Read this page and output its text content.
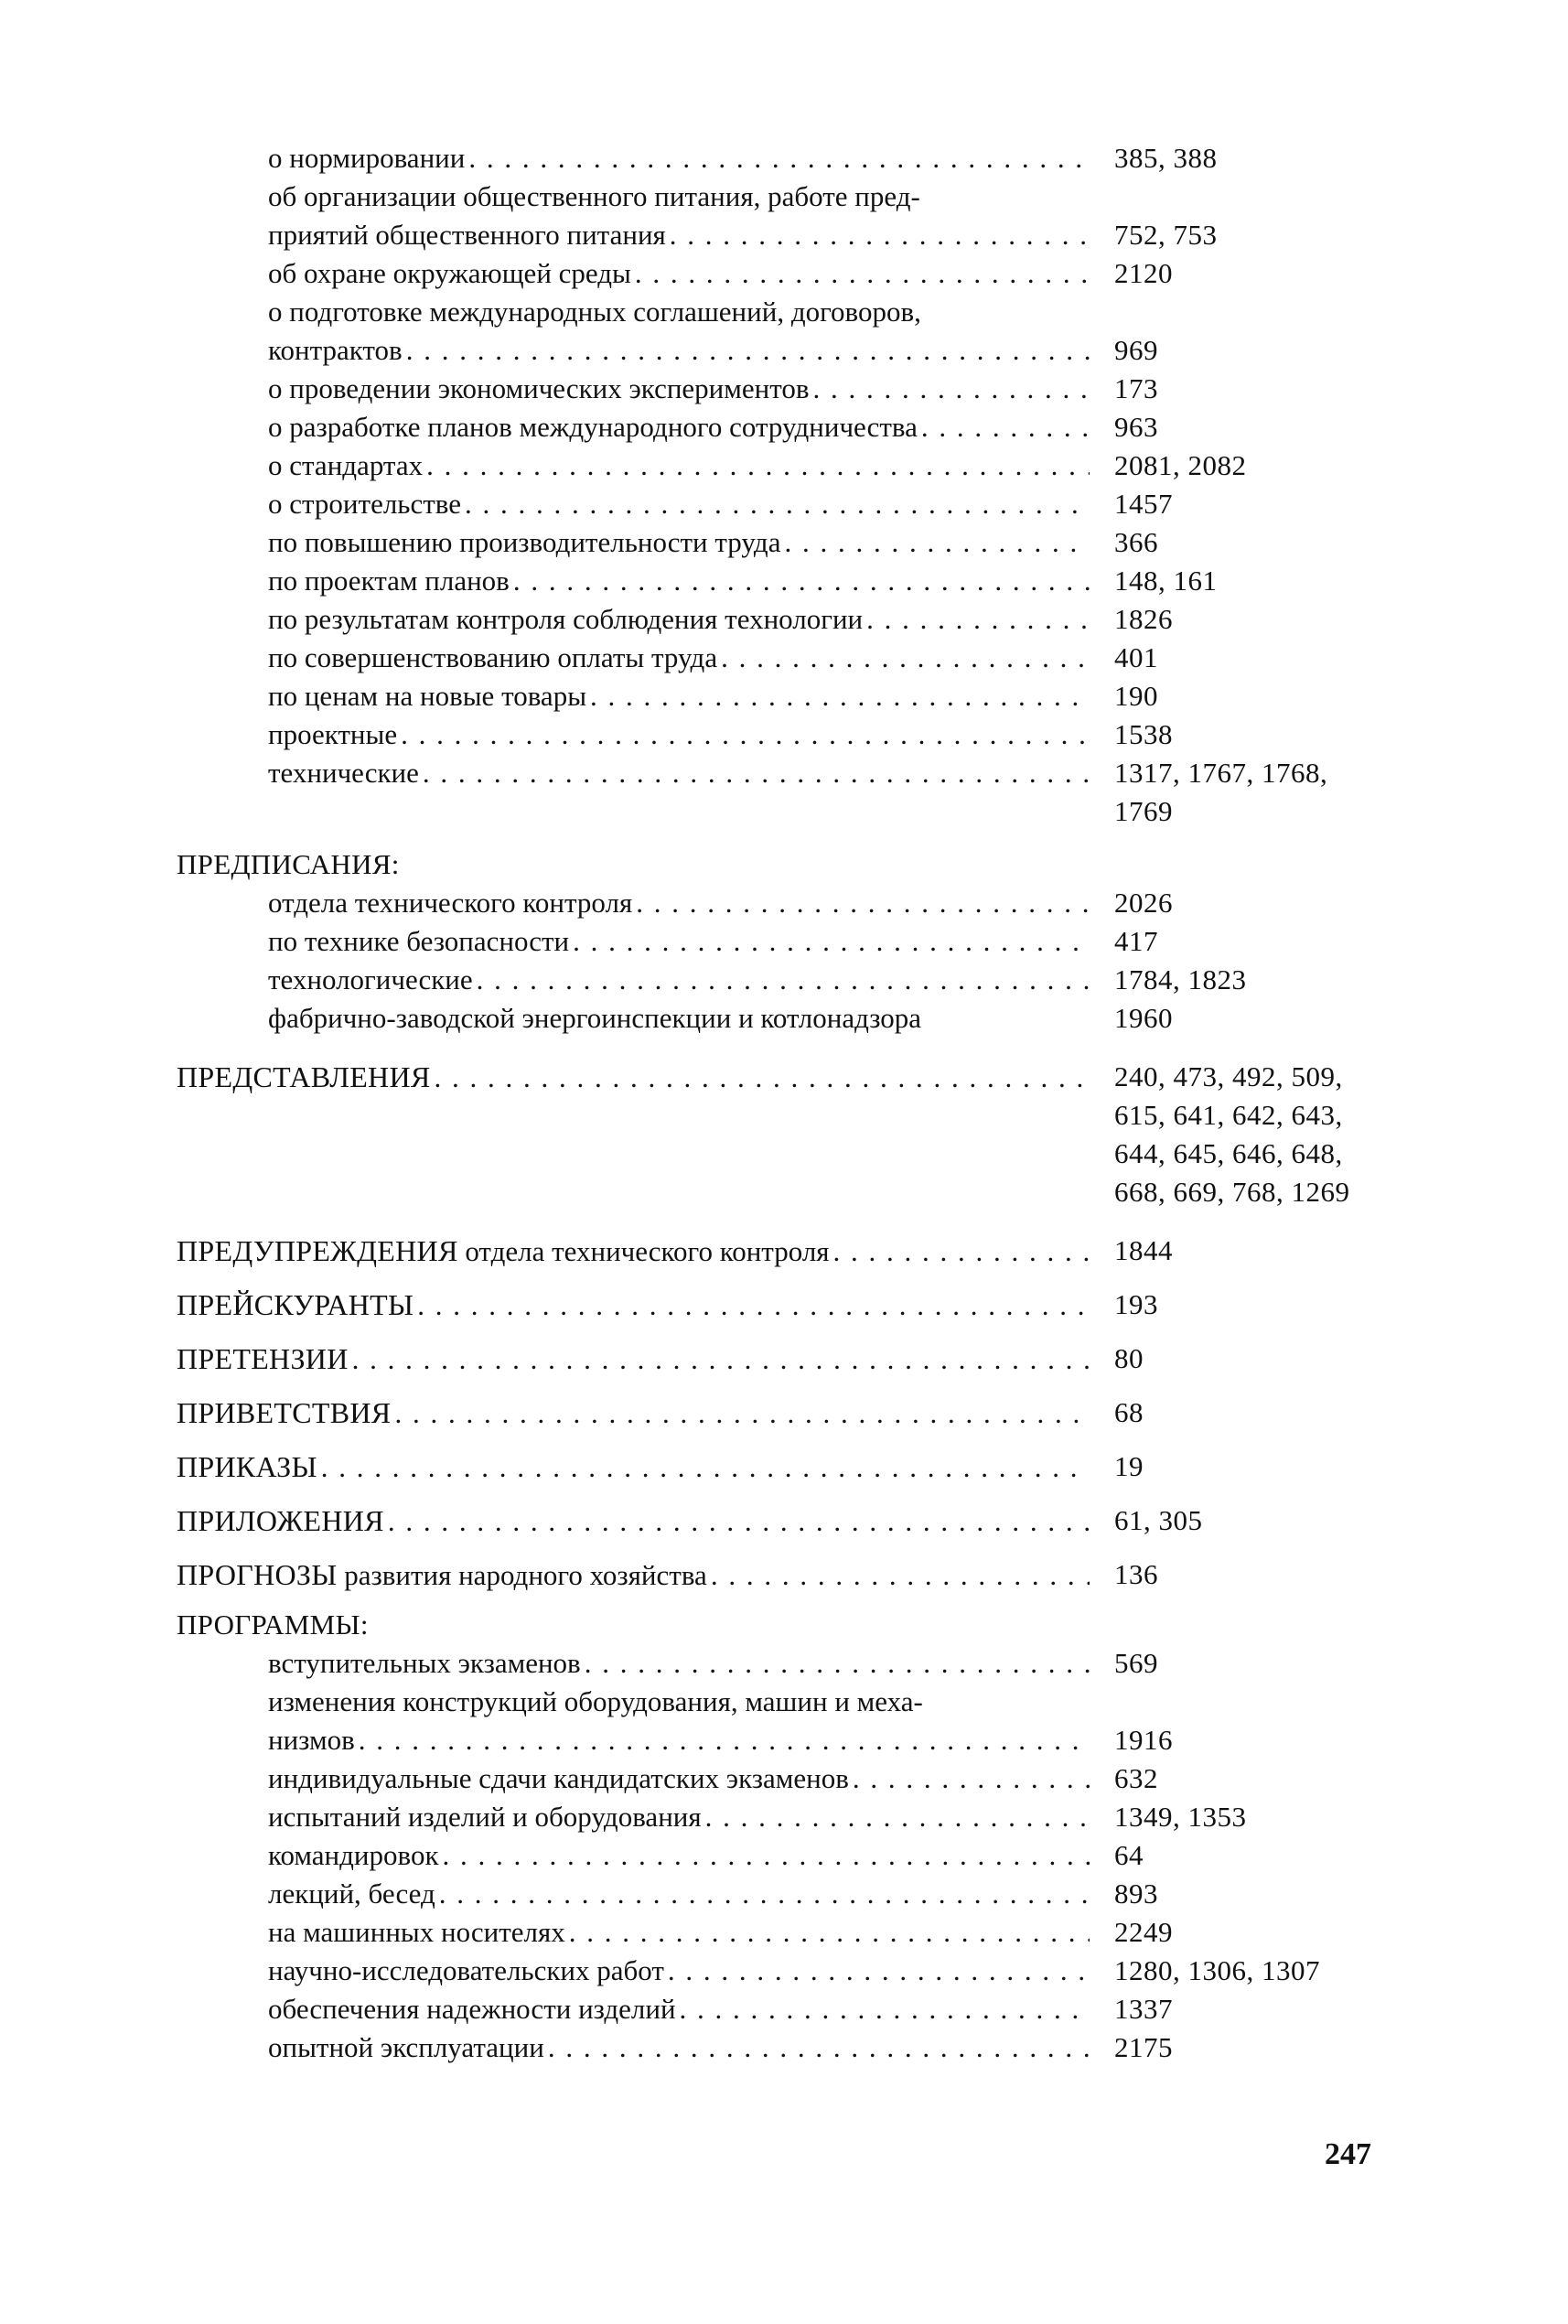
о нормировании . . .	385, 388
об организации общественного питания, работе пред-
приятий общественного питания . . .	752, 753
об охране окружающей среды . . .	2120
о подготовке международных соглашений, договоров,
контрактов . . .	969
о проведении экономических экспериментов . . .	173
о разработке планов международного сотрудничества . . .	963
о стандартах . . .	2081, 2082
о строительстве . . .	1457
по повышению производительности труда . . .	366
по проектам планов . . .	148, 161
по результатам контроля соблюдения технологии . . .	1826
по совершенствованию оплаты труда . . .	401
по ценам на новые товары . . .	190
проектные . . .	1538
технические . . .	1317, 1767, 1768,
1769
ПРЕДПИСАНИЯ:
отдела технического контроля . . .	2026
по технике безопасности . . .	417
технологические . . .	1784, 1823
фабрично-заводской энергоинспекции и котлонадзора	1960
ПРЕДСТАВЛЕНИЯ . . .	240, 473, 492, 509,
615, 641, 642, 643,
644, 645, 646, 648,
668, 669, 768, 1269
ПРЕДУПРЕЖДЕНИЯ отдела технического контроля . . .	1844
ПРЕЙСКУРАНТЫ . . .	193
ПРЕТЕНЗИИ . . .	80
ПРИВЕТСТВИЯ . . .	68
ПРИКАЗЫ . . .	19
ПРИЛОЖЕНИЯ . . .	61, 305
ПРОГНОЗЫ развития народного хозяйства . . .	136
ПРОГРАММЫ:
вступительных экзаменов . . .	569
изменения конструкций оборудования, машин и меха-
низмов . . .	1916
индивидуальные сдачи кандидатских экзаменов . . .	632
испытаний изделий и оборудования . . .	1349, 1353
командировок . . .	64
лекций, бесед . . .	893
на машинных носителях . . .	2249
научно-исследовательских работ . . .	1280, 1306, 1307
обеспечения надежности изделий . . .	1337
опытной эксплуатации . . .	2175
247
